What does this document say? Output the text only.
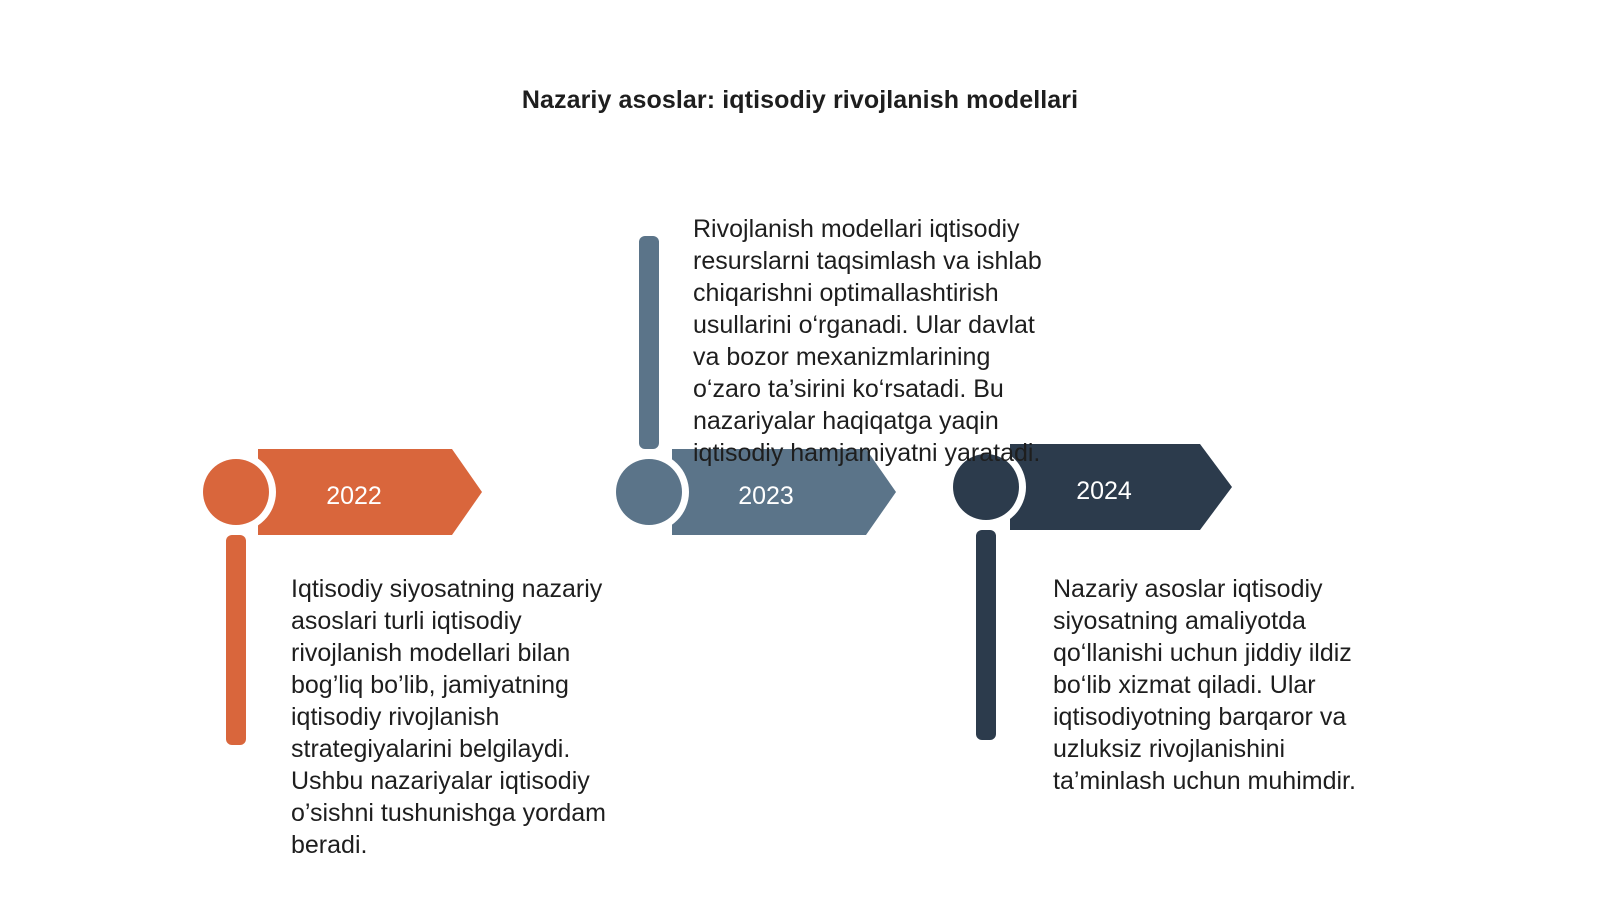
Nazariy asoslar: iqtisodiy rivojlanish modellari
2022	2023	2024
Iqtisodiy siyosatning nazariy asoslari turli iqtisodiy rivojlanish modellari bilan bog’liq bo’lib, jamiyatning iqtisodiy rivojlanish strategiyalarini belgilaydi. Ushbu nazariyalar iqtisodiy o’sishni tushunishga yordam beradi.
Rivojlanish modellari iqtisodiy resurslarni taqsimlash va ishlab chiqarishni optimallashtirish usullarini o‘rganadi. Ular davlat va bozor mexanizmlarining o‘zaro ta’sirini ko‘rsatadi. Bu nazariyalar haqiqatga yaqin iqtisodiy hamjamiyatni yaratadi.
Nazariy asoslar iqtisodiy siyosatning amaliyotda qo‘llanishi uchun jiddiy ildiz bo‘lib xizmat qiladi. Ular iqtisodiyotning barqaror va uzluksiz rivojlanishini ta’minlash uchun muhimdir.
